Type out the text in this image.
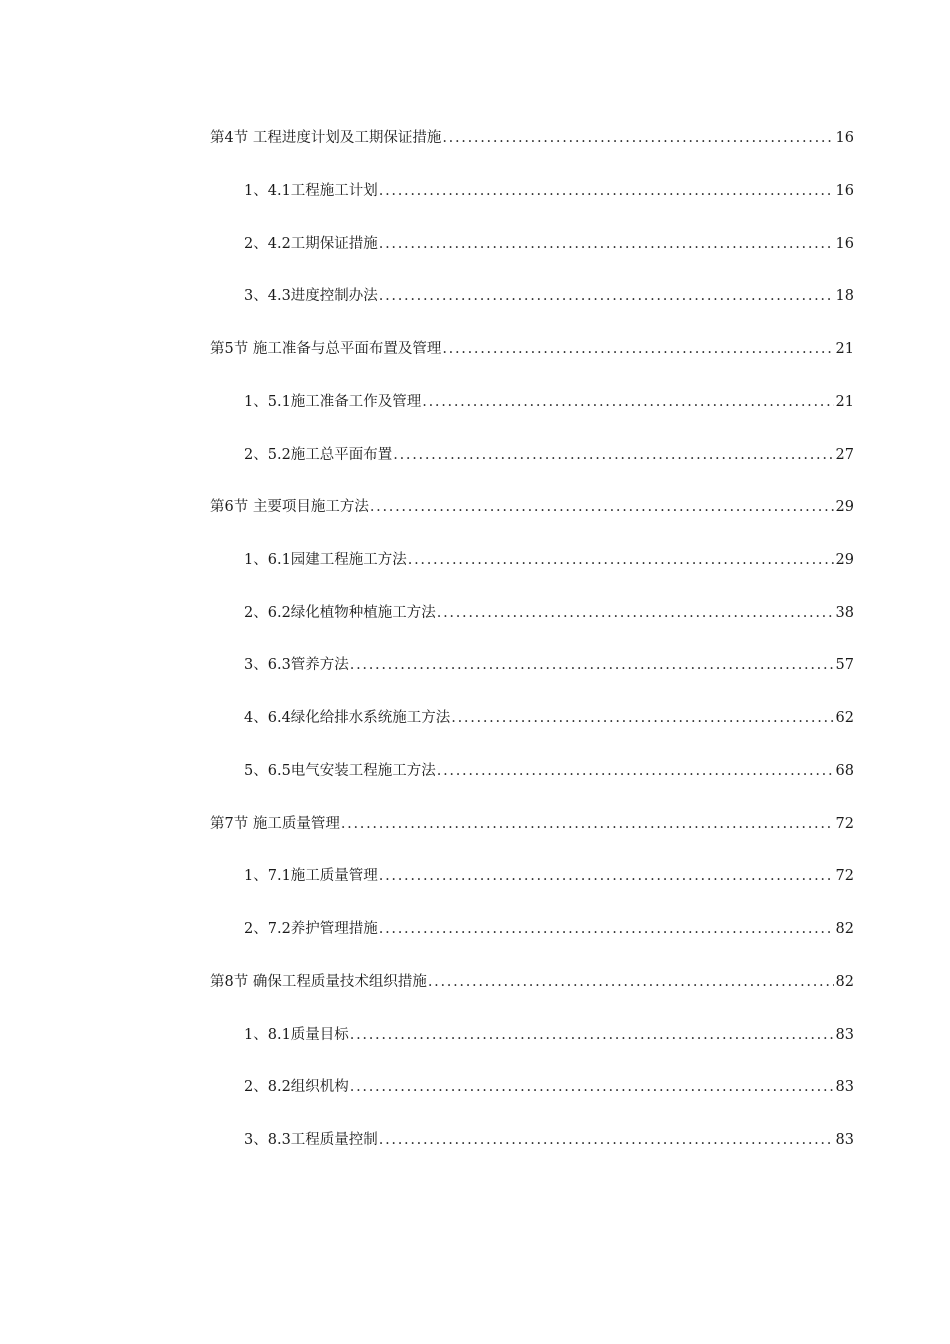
第4节 工程进度计划及工期保证措施 .....	16
1、 4.1工程施工计划 .....	16
2、 4.2工期保证措施 .....	16
3、 4.3进度控制办法 .....	18
第5节 施工准备与总平面布置及管理 .....	21
1、 5.1施工准备工作及管理 .....	21
2、 5.2施工总平面布置 .....	27
第6节 主要项目施工方法 .....	29
1、 6.1园建工程施工方法 .....	29
2、 6.2绿化植物种植施工方法 .....	38
3、 6.3管养方法 .....	57
4、 6.4绿化给排水系统施工方法 .....	62
5、 6.5电气安装工程施工方法 .....	68
第7节 施工质量管理 .....	72
1、 7.1施工质量管理 .....	72
2、 7.2养护管理措施 .....	82
第8节 确保工程质量技术组织措施 .....	82
1、 8.1质量目标 .....	83
2、 8.2组织机构 .....	83
3、 8.3工程质量控制 .....	83
